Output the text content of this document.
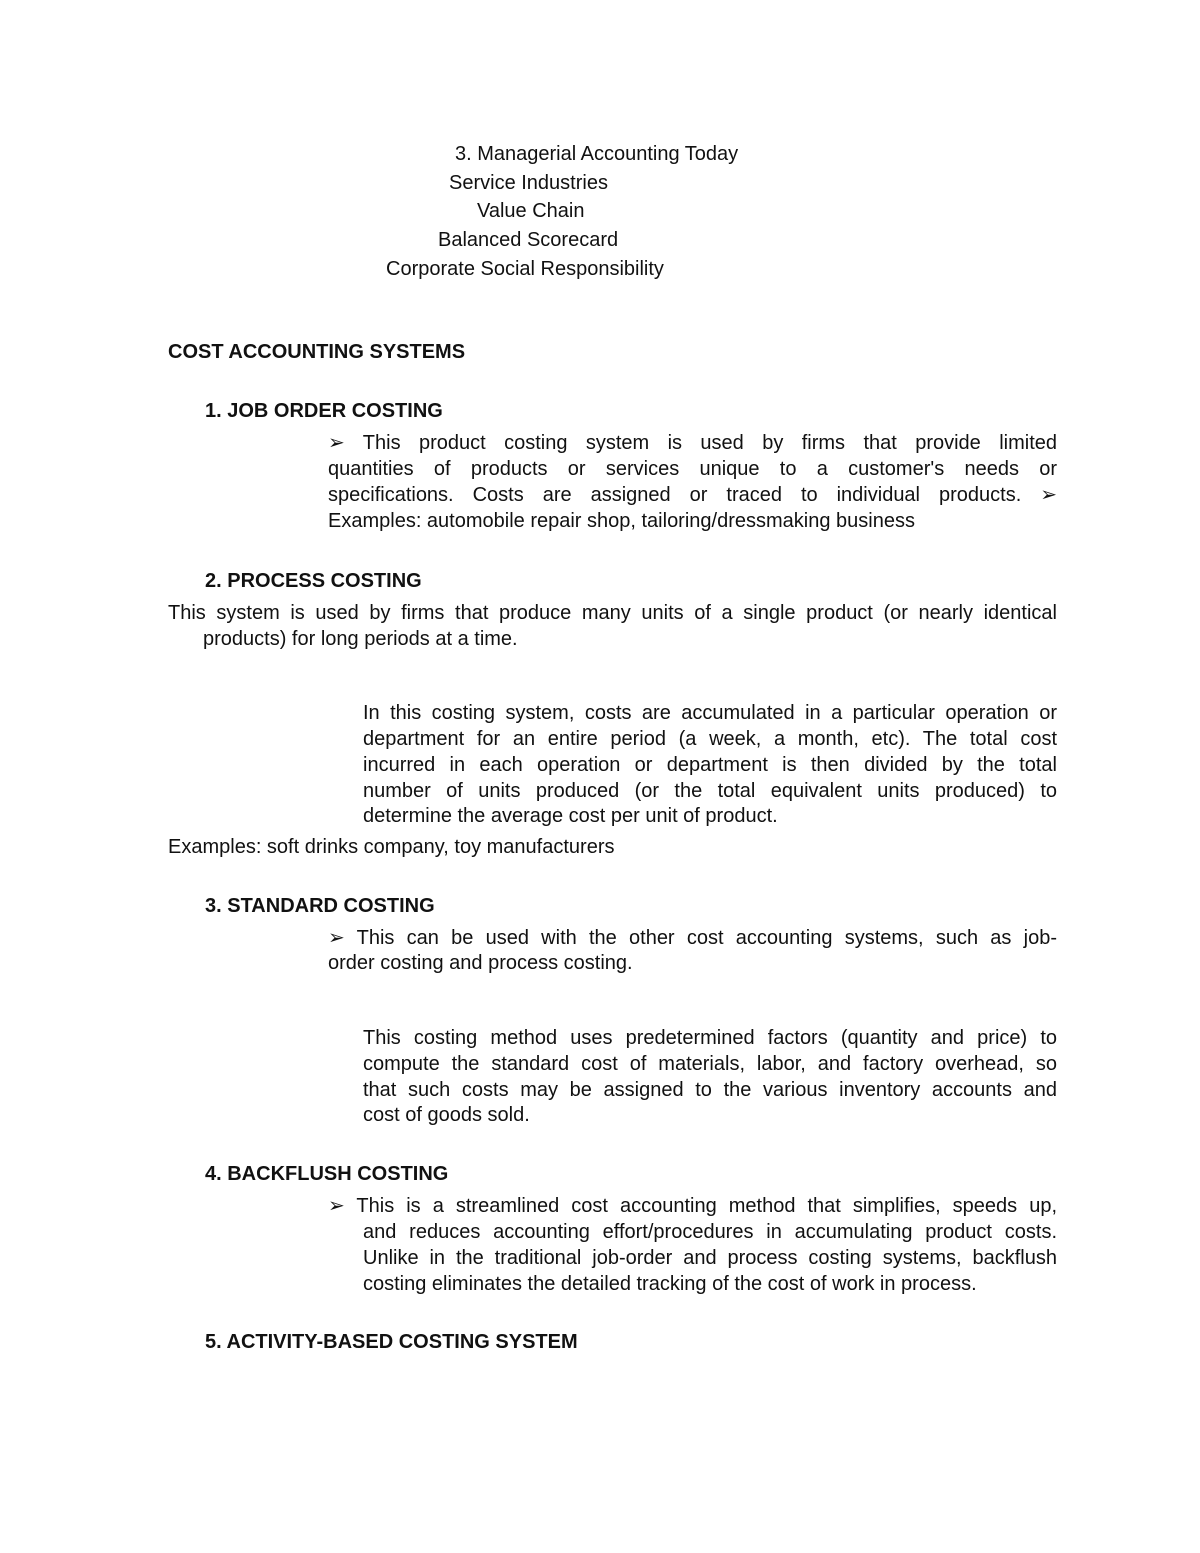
3. Managerial Accounting Today
Service Industries
Value Chain
Balanced Scorecard
Corporate Social Responsibility
COST ACCOUNTING SYSTEMS
1. JOB ORDER COSTING
➢ This product costing system is used by firms that provide limited
quantities of products or services unique to a customer's needs or
specifications. Costs are assigned or traced to individual products. ➢
Examples: automobile repair shop, tailoring/dressmaking business
2. PROCESS COSTING
This system is used by firms that produce many units of a single product (or nearly identical
products) for long periods at a time.
In this costing system, costs are accumulated in a particular operation or
department for an entire period (a week, a month, etc). The total cost
incurred in each operation or department is then divided by the total
number of units produced (or the total equivalent units produced) to
determine the average cost per unit of product.
Examples: soft drinks company, toy manufacturers
3. STANDARD COSTING
➢ This can be used with the other cost accounting systems, such as job-
order costing and process costing.
This costing method uses predetermined factors (quantity and price) to
compute the standard cost of materials, labor, and factory overhead, so
that such costs may be assigned to the various inventory accounts and
cost of goods sold.
4. BACKFLUSH COSTING
➢ This is a streamlined cost accounting method that simplifies, speeds up,
and reduces accounting effort/procedures in accumulating product costs.
Unlike in the traditional job-order and process costing systems, backflush
costing eliminates the detailed tracking of the cost of work in process.
5. ACTIVITY-BASED COSTING SYSTEM
